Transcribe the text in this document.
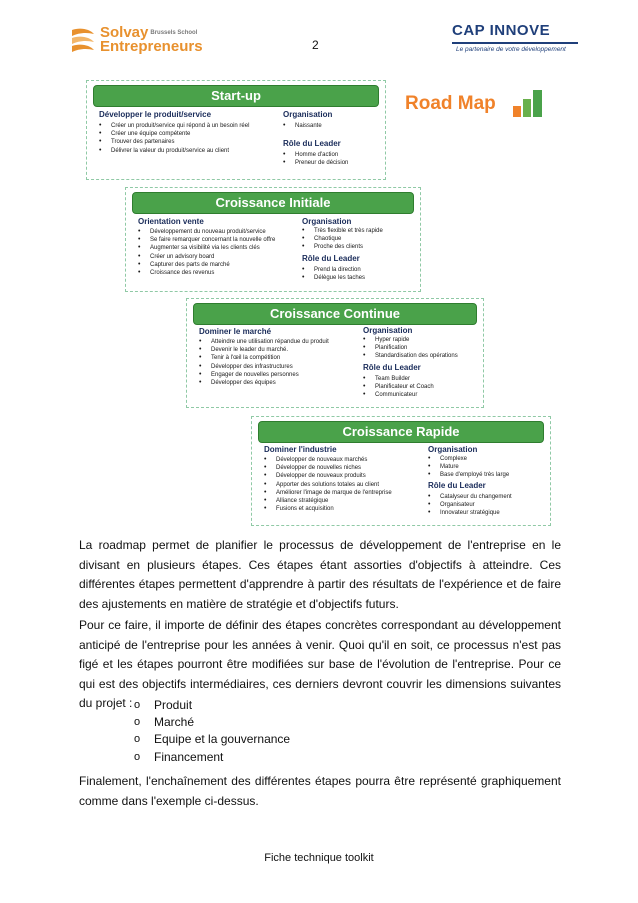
Solvay $^{Brussels School}$
Entrepreneurs	2
CAP INNOVE
Le partenaire de votre développement
Road Map
Start-up
Développer le produit/service
• Créer un produit/service qui répond à un besoin réel
• Créer une équipe compétente
• Trouver des partenaires
• Délivrer la valeur du produit/service au client
Organisation
• Naissante
Rôle du Leader
• Homme d'action
• Preneur de décision
Croissance Initiale
Orientation vente
• Développement du nouveau produit/service
• Se faire remarquer concernant la nouvelle offre
• Augmenter sa visibilité via les clients clés
• Créer un advisory board
• Capturer des parts de marché
• Croissance des revenus
Organisation
• Très flexible et très rapide
• Chaotique
• Proche des clients
Rôle du Leader
• Prend la direction
• Délègue les taches
Croissance Continue
Dominer le marché
• Atteindre une utilisation répandue du produit
• Devenir le leader du marché.
• Tenir à l'œil la compétition
• Développer des infrastructures
• Engager de nouvelles personnes
• Développer des équipes
Organisation
• Hyper rapide
• Planification
• Standardisation des opérations
Rôle du Leader
• Team Builder
• Planificateur et Coach
• Communicateur
Croissance Rapide
Dominer l'industrie
• Développer de nouveaux marchés
• Développer de nouvelles niches
• Développer de nouveaux produits
• Apporter des solutions totales au client
• Améliorer l'image de marque de l'entreprise
• Alliance stratégique
• Fusions et acquisition
Organisation
• Complexe
• Mature
• Base d'employé très large
Rôle du Leader
• Catalyseur du changement
• Organisateur
• Innovateur stratégique

La roadmap permet de planifier le processus de développement de l'entreprise en le divisant en plusieurs étapes. Ces étapes étant assorties d'objectifs à atteindre. Ces différentes étapes permettent d'apprendre à partir des résultats de l'expérience et de faire des ajustements en matière de stratégie et d'objectifs futurs.

Pour ce faire, il importe de définir des étapes concrètes correspondant au développement anticipé de l'entreprise pour les années à venir. Quoi qu'il en soit, ce processus n'est pas figé et les étapes pourront être modifiées sur base de l'évolution de l'entreprise. Pour ce qui est des objectifs intermédiaires, ces derniers devront couvrir les dimensions suivantes du projet :

o	Produit
o Marché
o Equipe et la gouvernance
o Financement

Finalement, l'enchaînement des différentes étapes pourra être représenté graphiquement comme dans l'exemple ci-dessus.

Fiche technique toolkit
